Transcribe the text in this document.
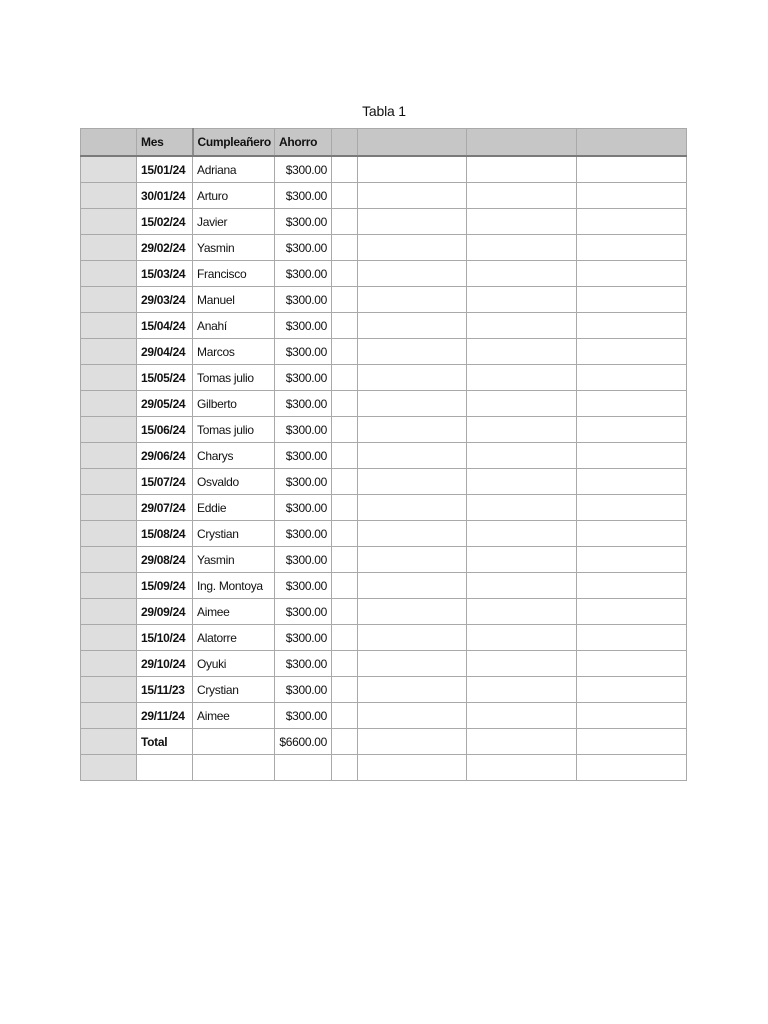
Tabla 1
	Mes	Cumpleañero	Ahorro				
	15/01/24	Adriana	$300.00				
	30/01/24	Arturo	$300.00				
	15/02/24	Javier	$300.00				
	29/02/24	Yasmin	$300.00				
	15/03/24	Francisco	$300.00				
	29/03/24	Manuel	$300.00				
	15/04/24	Anahí	$300.00				
	29/04/24	Marcos	$300.00				
	15/05/24	Tomas julio	$300.00				
	29/05/24	Gilberto	$300.00				
	15/06/24	Tomas julio	$300.00				
	29/06/24	Charys	$300.00				
	15/07/24	Osvaldo	$300.00				
	29/07/24	Eddie	$300.00				
	15/08/24	Crystian	$300.00				
	29/08/24	Yasmin	$300.00				
	15/09/24	Ing. Montoya	$300.00				
	29/09/24	Aimee	$300.00				
	15/10/24	Alatorre	$300.00				
	29/10/24	Oyuki	$300.00				
	15/11/23	Crystian	$300.00				
	29/11/24	Aimee	$300.00				
	Total		$6600.00				
